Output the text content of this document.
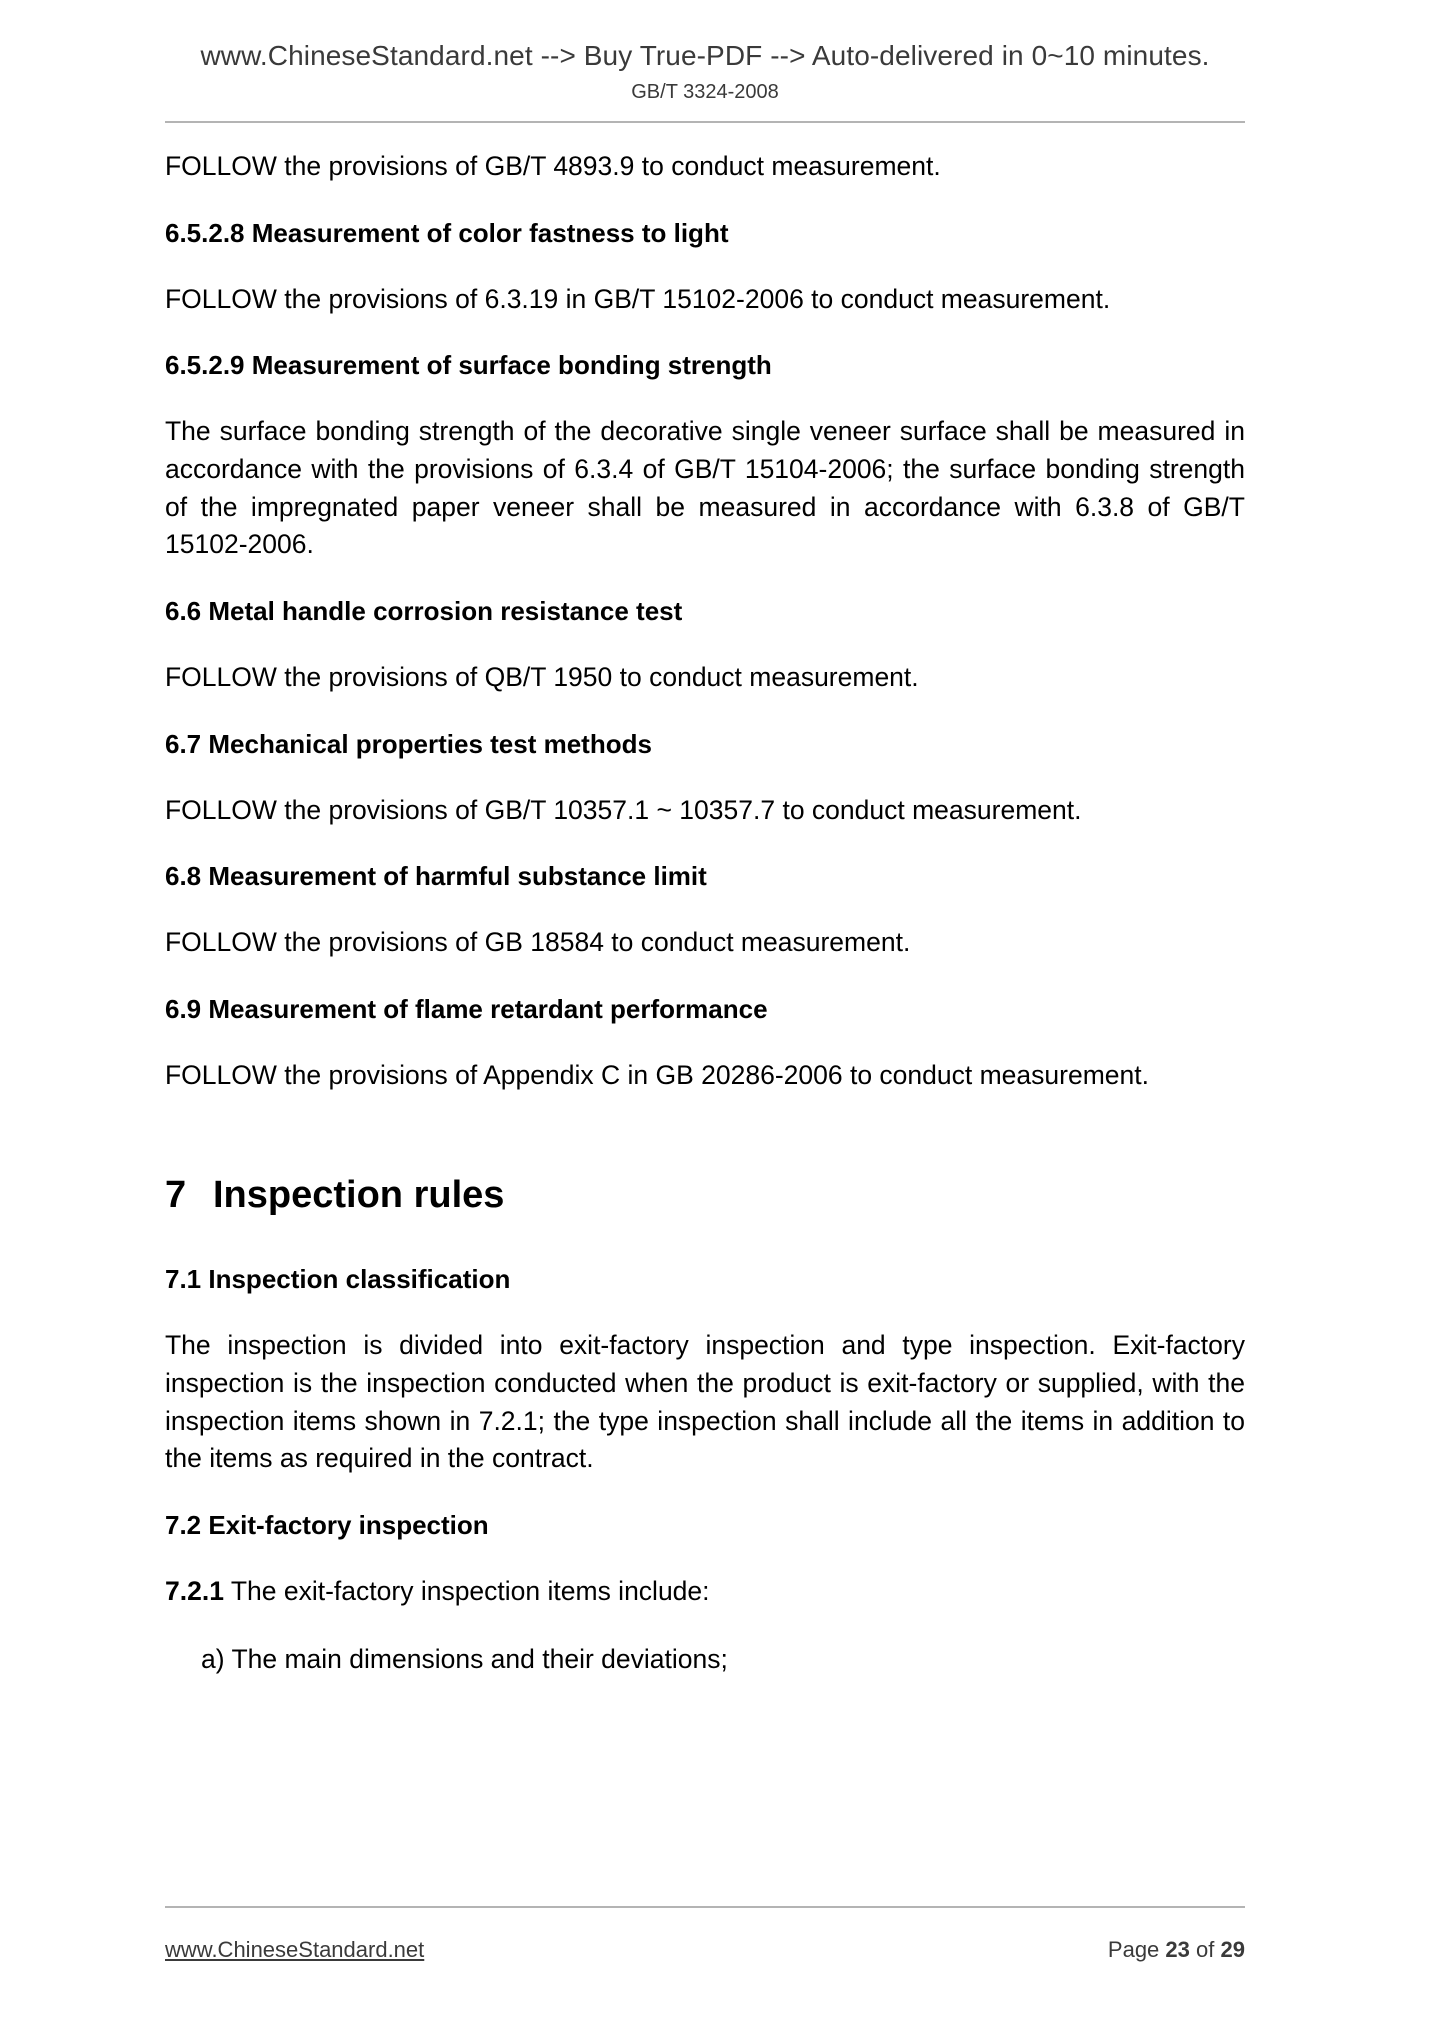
www.ChineseStandard.net --> Buy True-PDF --> Auto-delivered in 0~10 minutes.
GB/T 3324-2008

FOLLOW the provisions of GB/T 4893.9 to conduct measurement.

6.5.2.8 Measurement of color fastness to light

FOLLOW the provisions of 6.3.19 in GB/T 15102-2006 to conduct measurement.

6.5.2.9 Measurement of surface bonding strength

The surface bonding strength of the decorative single veneer surface shall be measured in accordance with the provisions of 6.3.4 of GB/T 15104-2006; the surface bonding strength of the impregnated paper veneer shall be measured in accordance with 6.3.8 of GB/T 15102-2006.

6.6 Metal handle corrosion resistance test

FOLLOW the provisions of QB/T 1950 to conduct measurement.

6.7 Mechanical properties test methods

FOLLOW the provisions of GB/T 10357.1 ~ 10357.7 to conduct measurement.

6.8 Measurement of harmful substance limit

FOLLOW the provisions of GB 18584 to conduct measurement.

6.9 Measurement of flame retardant performance

FOLLOW the provisions of Appendix C in GB 20286-2006 to conduct measurement.

7 Inspection rules
7.1 Inspection classification

The inspection is divided into exit-factory inspection and type inspection. Exit-factory inspection is the inspection conducted when the product is exit-factory or supplied, with the inspection items shown in 7.2.1; the type inspection shall include all the items in addition to the items as required in the contract.

7.2 Exit-factory inspection

7.2.1 The exit-factory inspection items include:

a) The main dimensions and their deviations;

www.ChineseStandard.net	Page 23 of 29
